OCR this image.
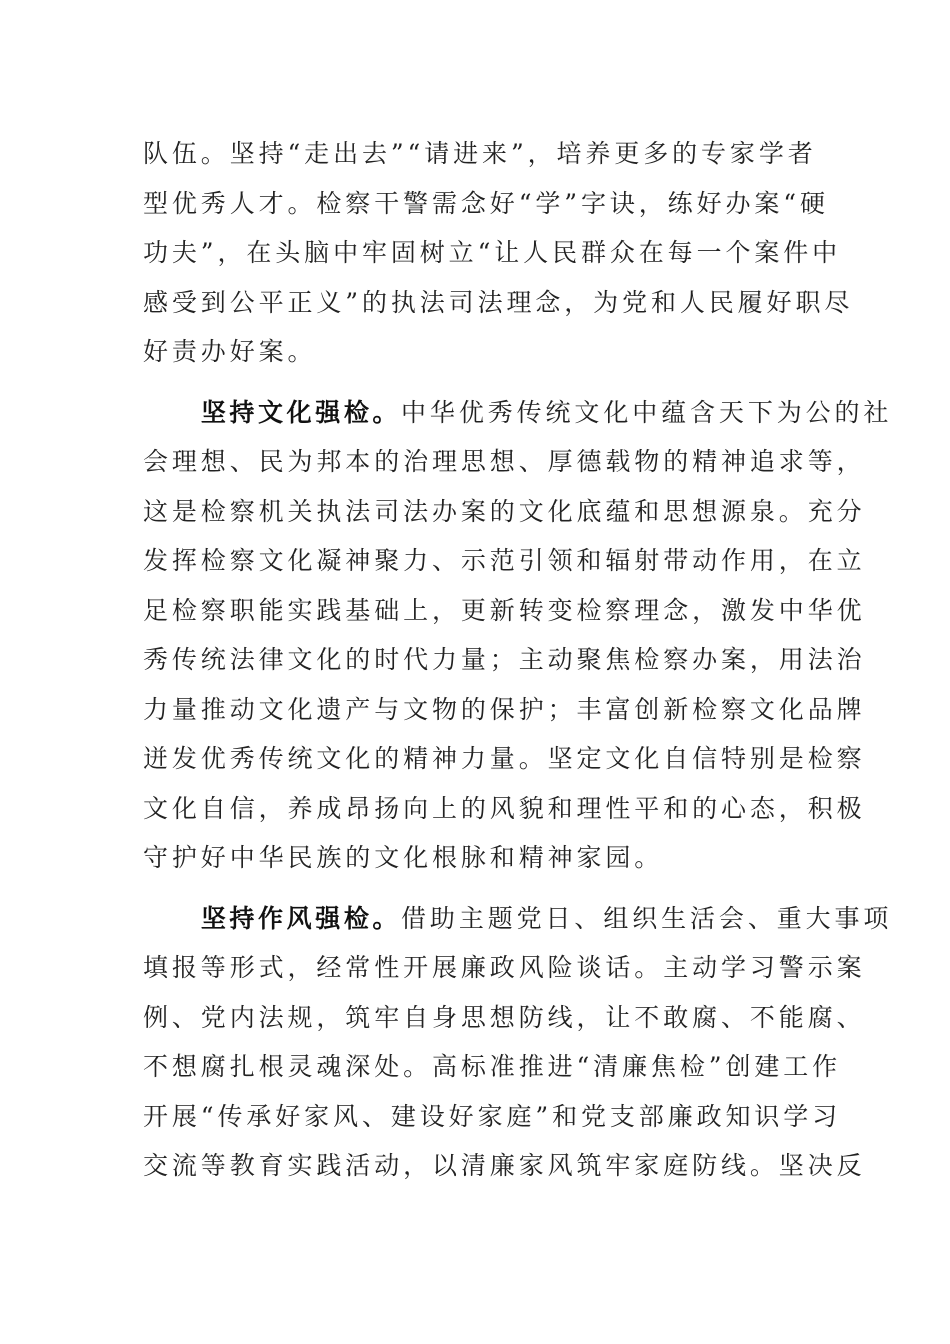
队伍。坚持“走出去”“请进来”，培养更多的专家学者
型优秀人才。检察干警需念好“学”字诀，练好办案“硬
功夫”，在头脑中牢固树立“让人民群众在每一个案件中
感受到公平正义”的执法司法理念，为党和人民履好职尽
好责办好案。
　　坚持文化强检。中华优秀传统文化中蕴含天下为公的社
会理想、民为邦本的治理思想、厚德载物的精神追求等，
这是检察机关执法司法办案的文化底蕴和思想源泉。充分
发挥检察文化凝神聚力、示范引领和辐射带动作用，在立
足检察职能实践基础上，更新转变检察理念，激发中华优
秀传统法律文化的时代力量；主动聚焦检察办案，用法治
力量推动文化遗产与文物的保护；丰富创新检察文化品牌
迸发优秀传统文化的精神力量。坚定文化自信特别是检察
文化自信，养成昂扬向上的风貌和理性平和的心态，积极
守护好中华民族的文化根脉和精神家园。
　　坚持作风强检。借助主题党日、组织生活会、重大事项
填报等形式，经常性开展廉政风险谈话。主动学习警示案
例、党内法规，筑牢自身思想防线，让不敢腐、不能腐、
不想腐扎根灵魂深处。高标准推进“清廉焦检”创建工作
开展“传承好家风、建设好家庭”和党支部廉政知识学习
交流等教育实践活动，以清廉家风筑牢家庭防线。坚决反
